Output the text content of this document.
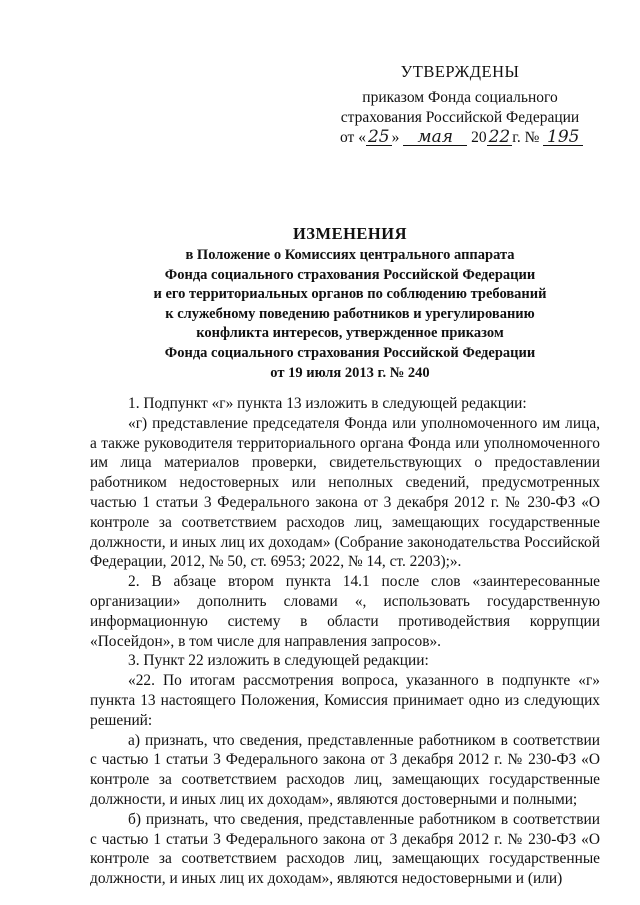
УТВЕРЖДЕНЫ
приказом Фонда социального
страхования Российской Федерации
от « 25 » мая 20 22 г. № 195
ИЗМЕНЕНИЯ
в Положение о Комиссиях центрального аппарата
Фонда социального страхования Российской Федерации
и его территориальных органов по соблюдению требований
к служебному поведению работников и урегулированию
конфликта интересов, утвержденное приказом
Фонда социального страхования Российской Федерации
от 19 июля 2013 г. № 240

1. Подпункт «г» пункта 13 изложить в следующей редакции:

«г) представление председателя Фонда или уполномоченного им лица, а также руководителя территориального органа Фонда или уполномоченного им лица материалов проверки, свидетельствующих о предоставлении работником недостоверных или неполных сведений, предусмотренных частью 1 статьи 3 Федерального закона от 3 декабря 2012 г. № 230-ФЗ «О контроле за соответствием расходов лиц, замещающих государственные должности, и иных лиц их доходам» (Собрание законодательства Российской Федерации, 2012, № 50, ст. 6953; 2022, № 14, ст. 2203);».

2. В абзаце втором пункта 14.1 после слов «заинтересованные организации» дополнить словами «, использовать государственную информационную систему в области противодействия коррупции «Посейдон», в том числе для направления запросов».

3. Пункт 22 изложить в следующей редакции:

«22. По итогам рассмотрения вопроса, указанного в подпункте «г» пункта 13 настоящего Положения, Комиссия принимает одно из следующих решений:

а) признать, что сведения, представленные работником в соответствии с частью 1 статьи 3 Федерального закона от 3 декабря 2012 г. № 230-ФЗ «О контроле за соответствием расходов лиц, замещающих государственные должности, и иных лиц их доходам», являются достоверными и полными;

б) признать, что сведения, представленные работником в соответствии с частью 1 статьи 3 Федерального закона от 3 декабря 2012 г. № 230-ФЗ «О контроле за соответствием расходов лиц, замещающих государственные должности, и иных лиц их доходам», являются недостоверными и (или)
